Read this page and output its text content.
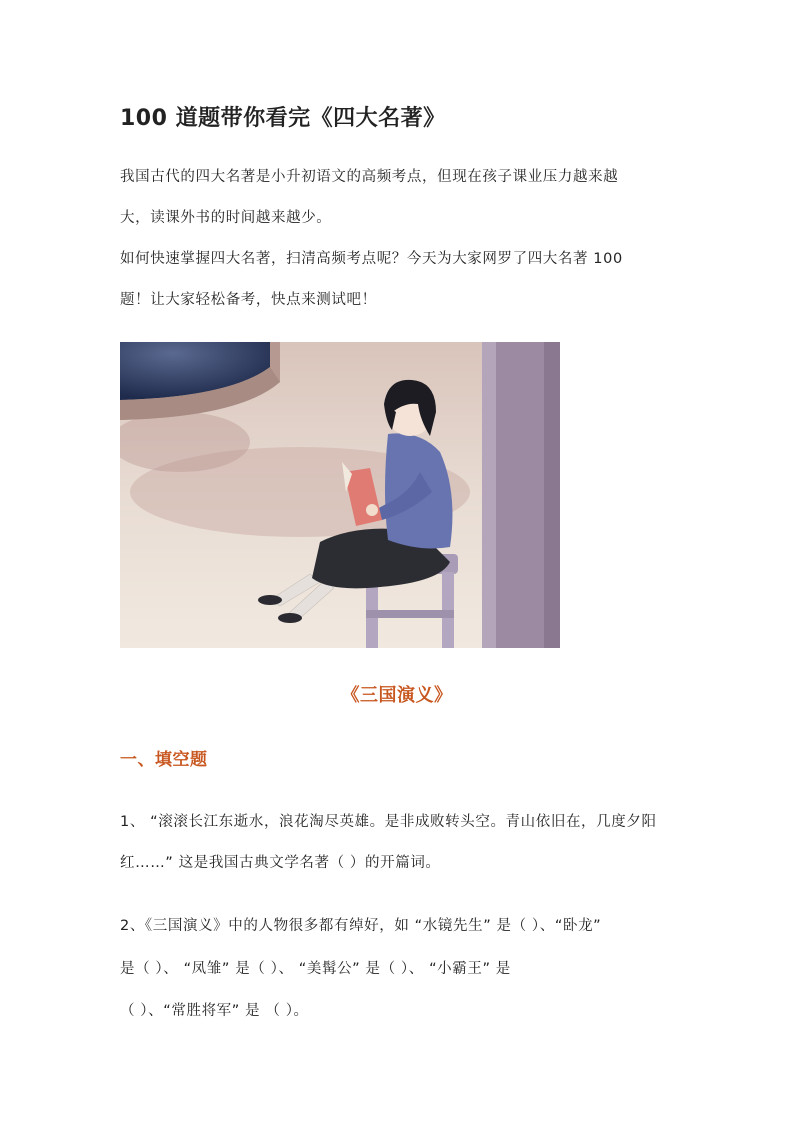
100 道题带你看完《四大名著》
我国古代的四大名著是小升初语文的高频考点，但现在孩子课业压力越来越
大，读课外书的时间越来越少。
如何快速掌握四大名著，扫清高频考点呢？今天为大家网罗了四大名著 100
题！让大家轻松备考，快点来测试吧！
《三国演义》
一、填空题
1、 “滚滚长江东逝水，浪花淘尽英雄。是非成败转头空。青山依旧在，几度夕阳
红……” 这是我国古典文学名著（ ）的开篇词。
2、《三国演义》中的人物很多都有绰好，如 “水镜先生” 是（ ）、“卧龙”
是（ ）、 “凤雏” 是（ ）、 “美髯公” 是（ ）、 “小霸王” 是
（ ）、“常胜将军” 是 （ ）。
